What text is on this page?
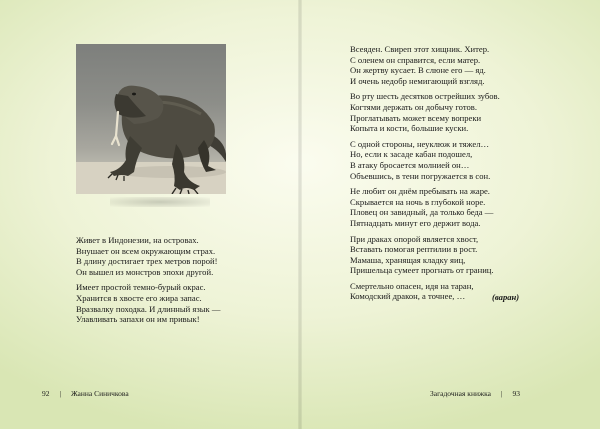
Живет в Индонезии, на островах.
Внушает он всем окружающим страх.
В длину достигает трех метров порой!
Он вышел из монстров эпохи другой.
Имеет простой темно-бурый окрас.
Хранится в хвосте его жира запас.
Вразвалку походка. И длинный язык —
Улавливать запахи он им привык!
92 | Жанна Синичкова
Всеяден. Свиреп этот хищник. Хитер.
С оленем он справится, если матер.
Он жертву кусает. В слюне его — яд.
И очень недобр немигающий взгляд.
Во рту шесть десятков острейших зубов.
Когтями держать он добычу готов.
Проглатывать может всему вопреки
Копыта и кости, большие куски.
С одной стороны, неуклюж и тяжел…
Но, если к засаде кабан подошел,
В атаку бросается молнией он…
Объевшись, в тени погружается в сон.
Не любит он днём пребывать на жаре.
Скрывается на ночь в глубокой норе.
Пловец он завидный, да только беда —
Пятнадцать минут его держит вода.
При драках опорой является хвост,
Вставать помогая рептилии в рост.
Мамаша, хранящая кладку яиц,
Пришельца сумеет прогнать от границ.
Смертельно опасен, идя на таран,
Комодский дракон, а точнее, …	(варан)
Загадочная книжка | 93
